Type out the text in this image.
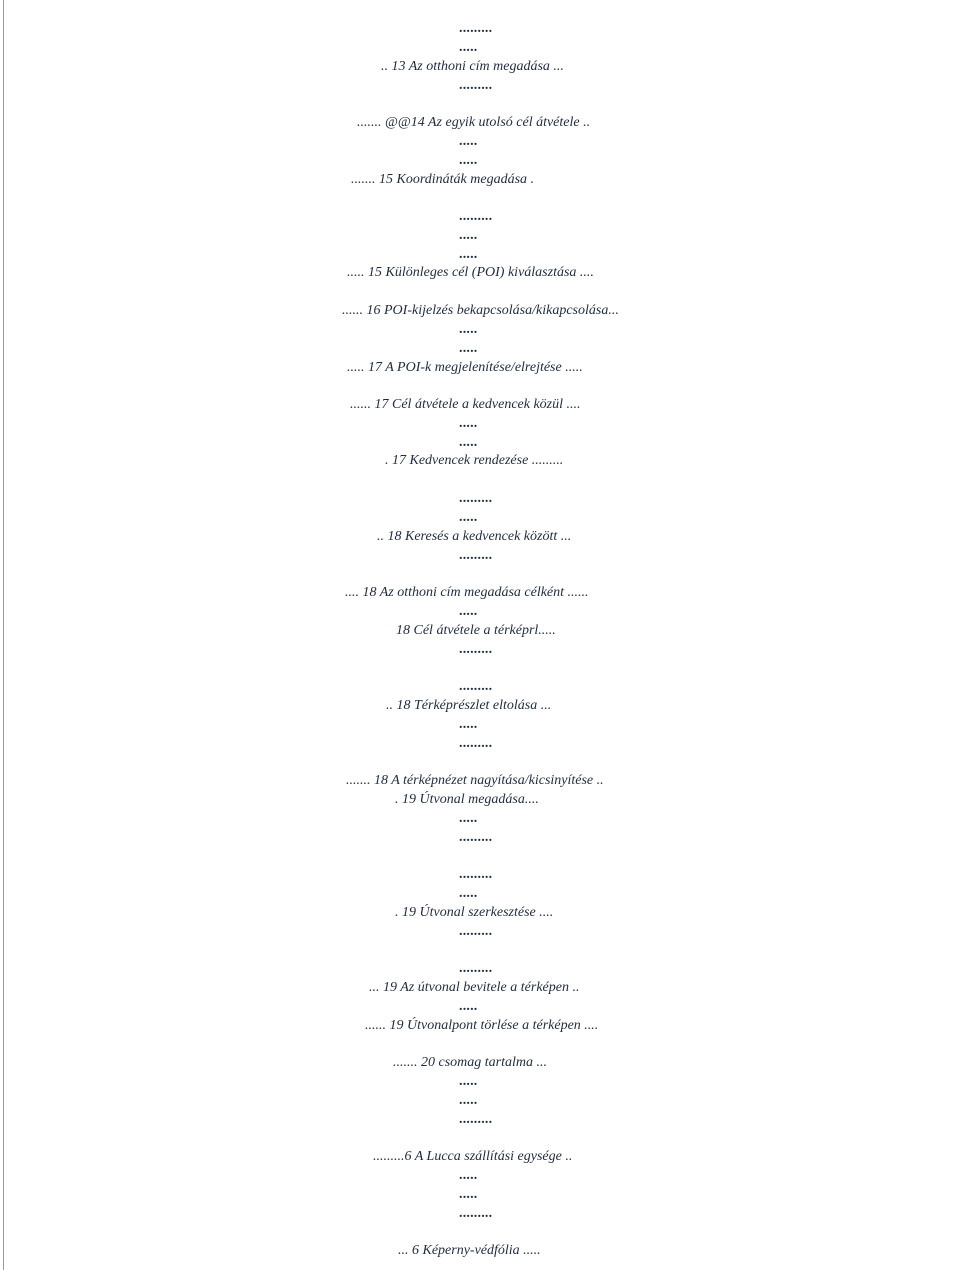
.........
.....
.. 13 Az otthoni cím megadása ...
.........
....... @@14 Az egyik utolsó cél átvétele ..
.....
.....
....... 15 Koordináták megadása .
.........
.....
.....
..... 15 Különleges cél (POI) kiválasztása ....
...... 16 POI-kijelzés bekapcsolása/kikapcsolása...
.....
.....
..... 17 A POI-k megjelenítése/elrejtése .....
...... 17 Cél átvétele a kedvencek közül ....
.....
.....
. 17 Kedvencek rendezése .........
.........
.....
.. 18 Keresés a kedvencek között ...
.........
.... 18 Az otthoni cím megadása célként ......
.....
18 Cél átvétele a térképrl.....
.........
.........
.. 18 Térképrészlet eltolása ...
.....
.........
....... 18 A térképnézet nagyítása/kicsinyítése ..
. 19 Útvonal megadása....
.....
.........
.........
.....
. 19 Útvonal szerkesztése ....
.........
.........
... 19 Az útvonal bevitele a térképen ..
.....
...... 19 Útvonalpont törlése a térképen ....
....... 20 csomag tartalma ...
.....
.....
.........
.........6 A Lucca szállítási egysége ..
.....
.....
.........
... 6 Képerny-védfólia .....
